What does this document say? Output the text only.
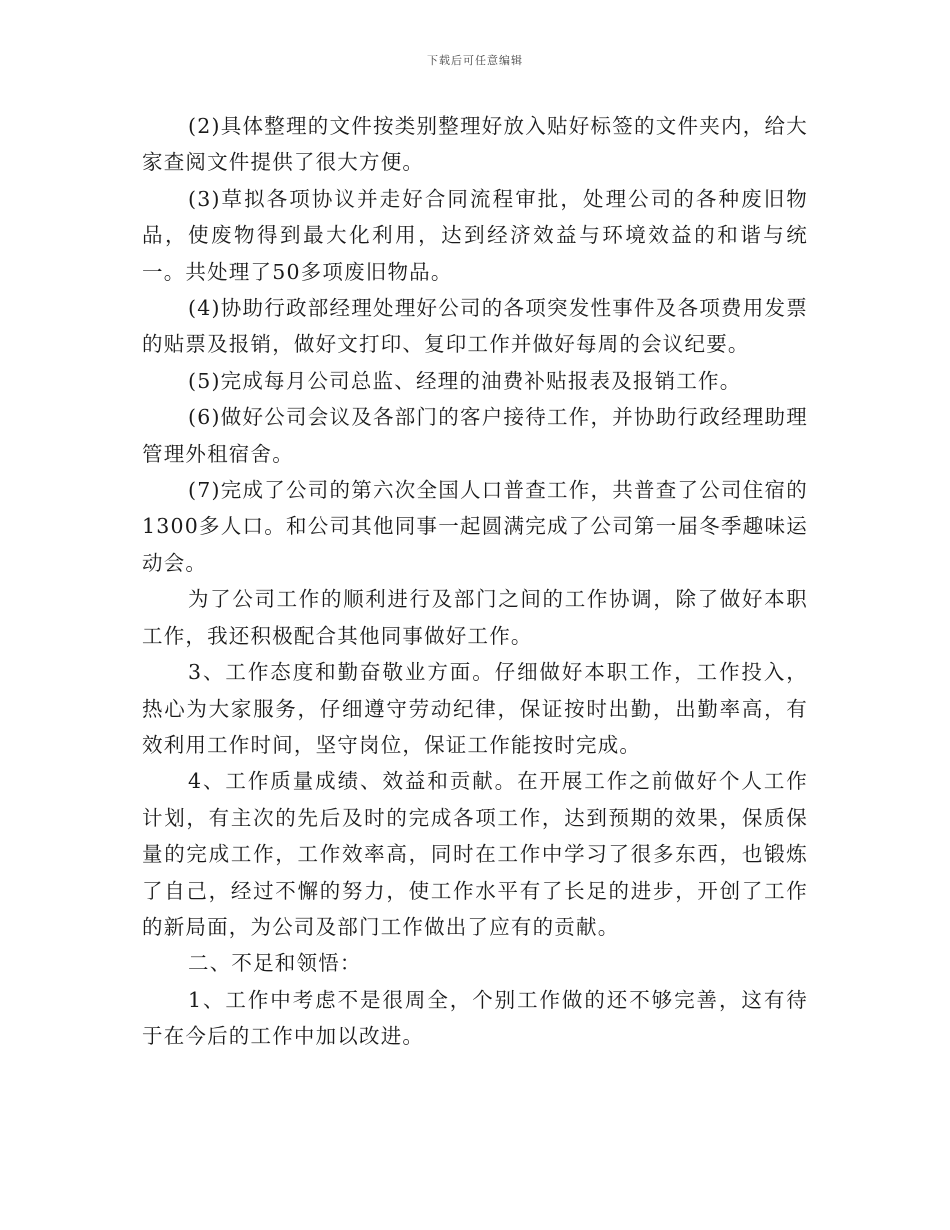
下载后可任意编辑

(2)具体整理的文件按类别整理好放入贴好标签的文件夹内，给大家查阅文件提供了很大方便。

(3)草拟各项协议并走好合同流程审批，处理公司的各种废旧物品，使废物得到最大化利用，达到经济效益与环境效益的和谐与统一。共处理了50多项废旧物品。

(4)协助行政部经理处理好公司的各项突发性事件及各项费用发票的贴票及报销，做好文打印、复印工作并做好每周的会议纪要。

(5)完成每月公司总监、经理的油费补贴报表及报销工作。

(6)做好公司会议及各部门的客户接待工作，并协助行政经理助理管理外租宿舍。

(7)完成了公司的第六次全国人口普查工作，共普查了公司住宿的1300多人口。和公司其他同事一起圆满完成了公司第一届冬季趣味运动会。

为了公司工作的顺利进行及部门之间的工作协调，除了做好本职工作，我还积极配合其他同事做好工作。

3、工作态度和勤奋敬业方面。仔细做好本职工作，工作投入，热心为大家服务，仔细遵守劳动纪律，保证按时出勤，出勤率高，有效利用工作时间，坚守岗位，保证工作能按时完成。

4、工作质量成绩、效益和贡献。在开展工作之前做好个人工作计划，有主次的先后及时的完成各项工作，达到预期的效果，保质保量的完成工作，工作效率高，同时在工作中学习了很多东西，也锻炼了自己，经过不懈的努力，使工作水平有了长足的进步，开创了工作的新局面，为公司及部门工作做出了应有的贡献。

二、不足和领悟：

1、工作中考虑不是很周全，个别工作做的还不够完善，这有待于在今后的工作中加以改进。
